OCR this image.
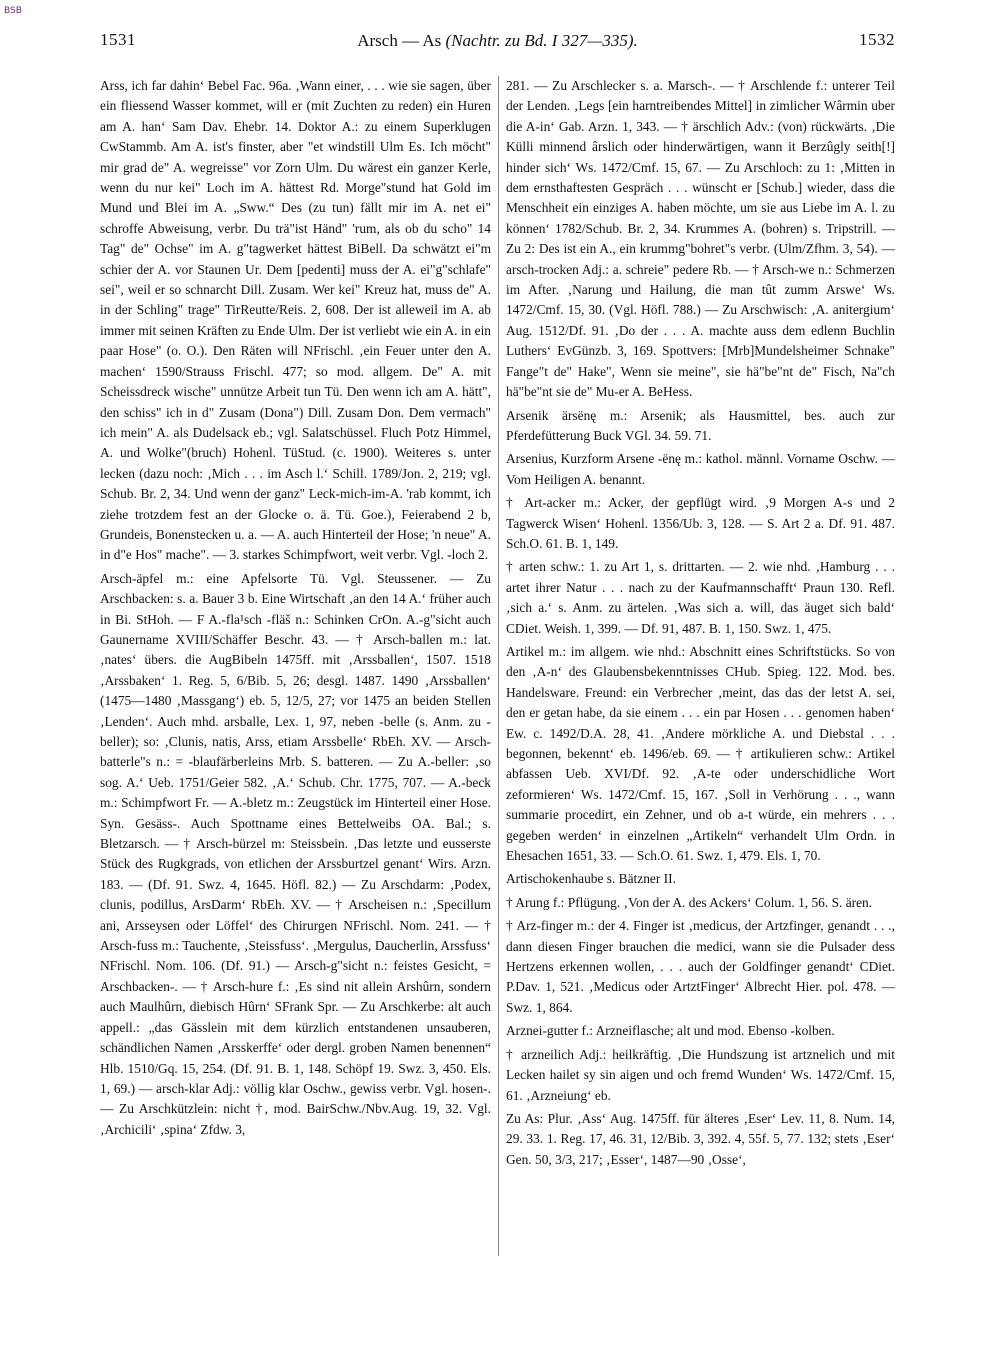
BSB
1531	Arsch — As (Nachtr. zu Bd. I 327—335).	1532

Arss, ich far dahin‘ Bebel Fac. 96a. ‚Wann einer, . . . wie sie sagen, über ein fliessend Wasser kommet, will er (mit Zuchten zu reden) ein Huren am A. han‘ Sam Dav. Ehebr. 14. Doktor A.: zu einem Superklugen CwStammb. Am A. ist's finster, aber "et windstill Ulm Es. Ich möcht" mir grad de" A. wegreisse" vor Zorn Ulm. Du wärest ein ganzer Kerle, wenn du nur kei" Loch im A. hättest Rd. Morge"stund hat Gold im Mund und Blei im A. „Sww.“ Des (zu tun) fällt mir im A. net ei" schroffe Abweisung, verbr. Du trä"ist Händ" 'rum, als ob du scho" 14 Tag" de" Ochse" im A. g"tagwerket hättest BiBell. Da schwätzt ei"m schier der A. vor Staunen Ur. Dem [pedenti] muss der A. ei"g"schlafe" sei", weil er so schnarcht Dill. Zusam. Wer kei" Kreuz hat, muss de" A. in der Schling" trage" TirReutte/Reis. 2, 608. Der ist alleweil im A. ab immer mit seinen Kräften zu Ende Ulm. Der ist verliebt wie ein A. in ein paar Hose" (o. O.). Den Räten will NFrischl. ‚ein Feuer unter den A. machen‘ 1590/Strauss Frischl. 477; so mod. allgem. De" A. mit Scheissdreck wische" unnütze Arbeit tun Tü. Den wenn ich am A. hätt", den schiss" ich in d" Zusam (Dona") Dill. Zusam Don. Dem vermach" ich mein" A. als Dudelsack eb.; vgl. Salatschüssel. Fluch Potz Himmel, A. und Wolke"(bruch) Hohenl. TüStud. (c. 1900). Weiteres s. unter lecken (dazu noch: ‚Mich . . . im Asch l.‘ Schill. 1789/Jon. 2, 219; vgl. Schub. Br. 2, 34. Und wenn der ganz" Leck-mich-im-A. 'rab kommt, ich ziehe trotzdem fest an der Glocke o. ä. Tü. Goe.), Feierabend 2 b, Grundeis, Bonenstecken u. a. — A. auch Hinterteil der Hose; 'n neue" A. in d"e Hos" mache". — 3. starkes Schimpfwort, weit verbr. Vgl. -loch 2.

Arsch-äpfel m.: eine Apfelsorte Tü. Vgl. Steussener. — Zu Arschbacken: s. a. Bauer 3 b. Eine Wirtschaft ‚an den 14 A.‘ früher auch in Bi. StHoh. — F A.-fla¹sch -fläš n.: Schinken CrOn. A.-g"sicht auch Gaunername XVIII/Schäffer Beschr. 43. — † Arsch-ballen m.: lat. ‚nates‘ übers. die AugBibeln 1475ff. mit ‚Arssballen‘, 1507. 1518 ‚Arssbaken‘ 1. Reg. 5, 6/Bib. 5, 26; desgl. 1487. 1490 ‚Arssballen‘ (1475—1480 ‚Massgang‘) eb. 5, 12/5, 27; vor 1475 an beiden Stellen ‚Lenden‘. Auch mhd. arsballe, Lex. 1, 97, neben -belle (s. Anm. zu -beller); so: ‚Clunis, natis, Arss, etiam Arssbelle‘ RbEh. XV. — Arsch-batterle"s n.: = -blaufärberleins Mrb. S. batteren. — Zu A.-beller: ‚so sog. A.‘ Ueb. 1751/Geier 582. ‚A.‘ Schub. Chr. 1775, 707. — A.-beck m.: Schimpfwort Fr. — A.-bletz m.: Zeugstück im Hinterteil einer Hose. Syn. Gesäss-. Auch Spottname eines Bettelweibs OA. Bal.; s. Bletzarsch. — † Arsch-bürzel m: Steissbein. ‚Das letzte und eusserste Stück des Rugkgrads, von etlichen der Arssburtzel genant‘ Wirs. Arzn. 183. — (Df. 91. Swz. 4, 1645. Höfl. 82.) — Zu Arschdarm: ‚Podex, clunis, podillus, ArsDarm‘ RbEh. XV. — † Arscheisen n.: ‚Specillum ani, Arsseysen oder Löffel‘ des Chirurgen NFrischl. Nom. 241. — † Arsch-fuss m.: Tauchente, ‚Steissfuss‘. ‚Mergulus, Daucherlin, Arssfuss‘ NFrischl. Nom. 106. (Df. 91.) — Arsch-g"sicht n.: feistes Gesicht, = Arschbacken-. — † Arsch-hure f.: ‚Es sind nit allein Arshûrn, sondern auch Maulhûrn, diebisch Hûrn‘ SFrank Spr. — Zu Arschkerbe: alt auch appell.: „das Gässlein mit dem kürzlich entstandenen unsauberen, schändlichen Namen ‚Arsskerffe‘ oder dergl. groben Namen benennen“ Hlb. 1510/Gq. 15, 254. (Df. 91. B. 1, 148. Schöpf 19. Swz. 3, 450. Els. 1, 69.) — arsch-klar Adj.: völlig klar Oschw., gewiss verbr. Vgl. hosen-. — Zu Arschkützlein: nicht †, mod. BairSchw./Nbv.Aug. 19, 32. Vgl. ‚Archicili‘ ‚spina‘ Zfdw. 3,

281. — Zu Arschlecker s. a. Marsch-. — † Arschlende f.: unterer Teil der Lenden. ‚Legs [ein harntreibendes Mittel] in zimlicher Wârmin uber die A-in‘ Gab. Arzn. 1, 343. — † ärschlich Adv.: (von) rückwärts. ‚Die Külli minnend ârslich oder hinderwärtigen, wann it Berzûgly seith[!] hinder sich‘ Ws. 1472/Cmf. 15, 67. — Zu Arschloch: zu 1: ‚Mitten in dem ernsthaftesten Gespräch . . . wünscht er [Schub.] wieder, dass die Menschheit ein einziges A. haben möchte, um sie aus Liebe im A. l. zu können‘ 1782/Schub. Br. 2, 34. Krummes A. (bohren) s. Tripstrill. — Zu 2: Des ist ein A., ein krummg"bohret"s verbr. (Ulm/Zfhm. 3, 54). — arsch-trocken Adj.: a. schreie" pedere Rb. — † Arsch-we n.: Schmerzen im After. ‚Narung und Hailung, die man tût zumm Arswe‘ Ws. 1472/Cmf. 15, 30. (Vgl. Höfl. 788.) — Zu Arschwisch: ‚A. anitergium‘ Aug. 1512/Df. 91. ‚Do der . . . A. machte auss dem edlenn Buchlin Luthers‘ EvGünzb. 3, 169. Spottvers: [Mrb]Mundelsheimer Schnake" Fange"t de" Hake", Wenn sie meine", sie hä"be"nt de" Fisch, Na"ch hä"be"nt sie de" Mu-er A. BeHess.

Arsenik ärsënę m.: Arsenik; als Hausmittel, bes. auch zur Pferdefütterung Buck VGl. 34. 59. 71.

Arsenius, Kurzform Arsene -ënę m.: kathol. männl. Vorname Oschw. — Vom Heiligen A. benannt.

† Art-acker m.: Acker, der gepflügt wird. ‚9 Morgen A-s und 2 Tagwerck Wisen‘ Hohenl. 1356/Ub. 3, 128. — S. Art 2 a. Df. 91. 487. Sch.O. 61. B. 1, 149.

† arten schw.: 1. zu Art 1, s. drittarten. — 2. wie nhd. ‚Hamburg . . . artet ihrer Natur . . . nach zu der Kaufmannschafft‘ Praun 130. Refl. ‚sich a.‘ s. Anm. zu ärtelen. ‚Was sich a. will, das äuget sich bald‘ CDiet. Weish. 1, 399. — Df. 91, 487. B. 1, 150. Swz. 1, 475.

Artikel m.: im allgem. wie nhd.: Abschnitt eines Schriftstücks. So von den ‚A-n‘ des Glaubensbekenntnisses CHub. Spieg. 122. Mod. bes. Handelsware. Freund: ein Verbrecher ‚meint, das das der letst A. sei, den er getan habe, da sie einem . . . ein par Hosen . . . genomen haben‘ Ew. c. 1492/D.A. 28, 41. ‚Andere mörkliche A. und Diebstal . . . begonnen, bekennt‘ eb. 1496/eb. 69. — † artikulieren schw.: Artikel abfassen Ueb. XVI/Df. 92. ‚A-te oder underschidliche Wort zeformieren‘ Ws. 1472/Cmf. 15, 167. ‚Soll in Verhörung . . ., wann summarie procedirt, ein Zehner, und ob a-t würde, ein mehrers . . . gegeben werden‘ in einzelnen „Artikeln“ verhandelt Ulm Ordn. in Ehesachen 1651, 33. — Sch.O. 61. Swz. 1, 479. Els. 1, 70.

Artischokenhaube s. Bätzner II.

† Arung f.: Pflügung. ‚Von der A. des Ackers‘ Colum. 1, 56. S. ären.

† Arz-finger m.: der 4. Finger ist ‚medicus, der Artzfinger, genandt . . ., dann diesen Finger brauchen die medici, wann sie die Pulsader dess Hertzens erkennen wollen, . . . auch der Goldfinger genandt‘ CDiet. P.Dav. 1, 521. ‚Medicus oder ArtztFinger‘ Albrecht Hier. pol. 478. — Swz. 1, 864.

Arznei-gutter f.: Arzneiflasche; alt und mod. Ebenso -kolben.

† arzneilich Adj.: heilkräftig. ‚Die Hundszung ist artznelich und mit Lecken hailet sy sin aigen und och fremd Wunden‘ Ws. 1472/Cmf. 15, 61. ‚Arzneiung‘ eb.

Zu As: Plur. ‚Ass‘ Aug. 1475ff. für älteres ‚Eser‘ Lev. 11, 8. Num. 14, 29. 33. 1. Reg. 17, 46. 31, 12/Bib. 3, 392. 4, 55f. 5, 77. 132; stets ‚Eser‘ Gen. 50, 3/3, 217; ‚Esser‘, 1487—90 ‚Osse‘,
